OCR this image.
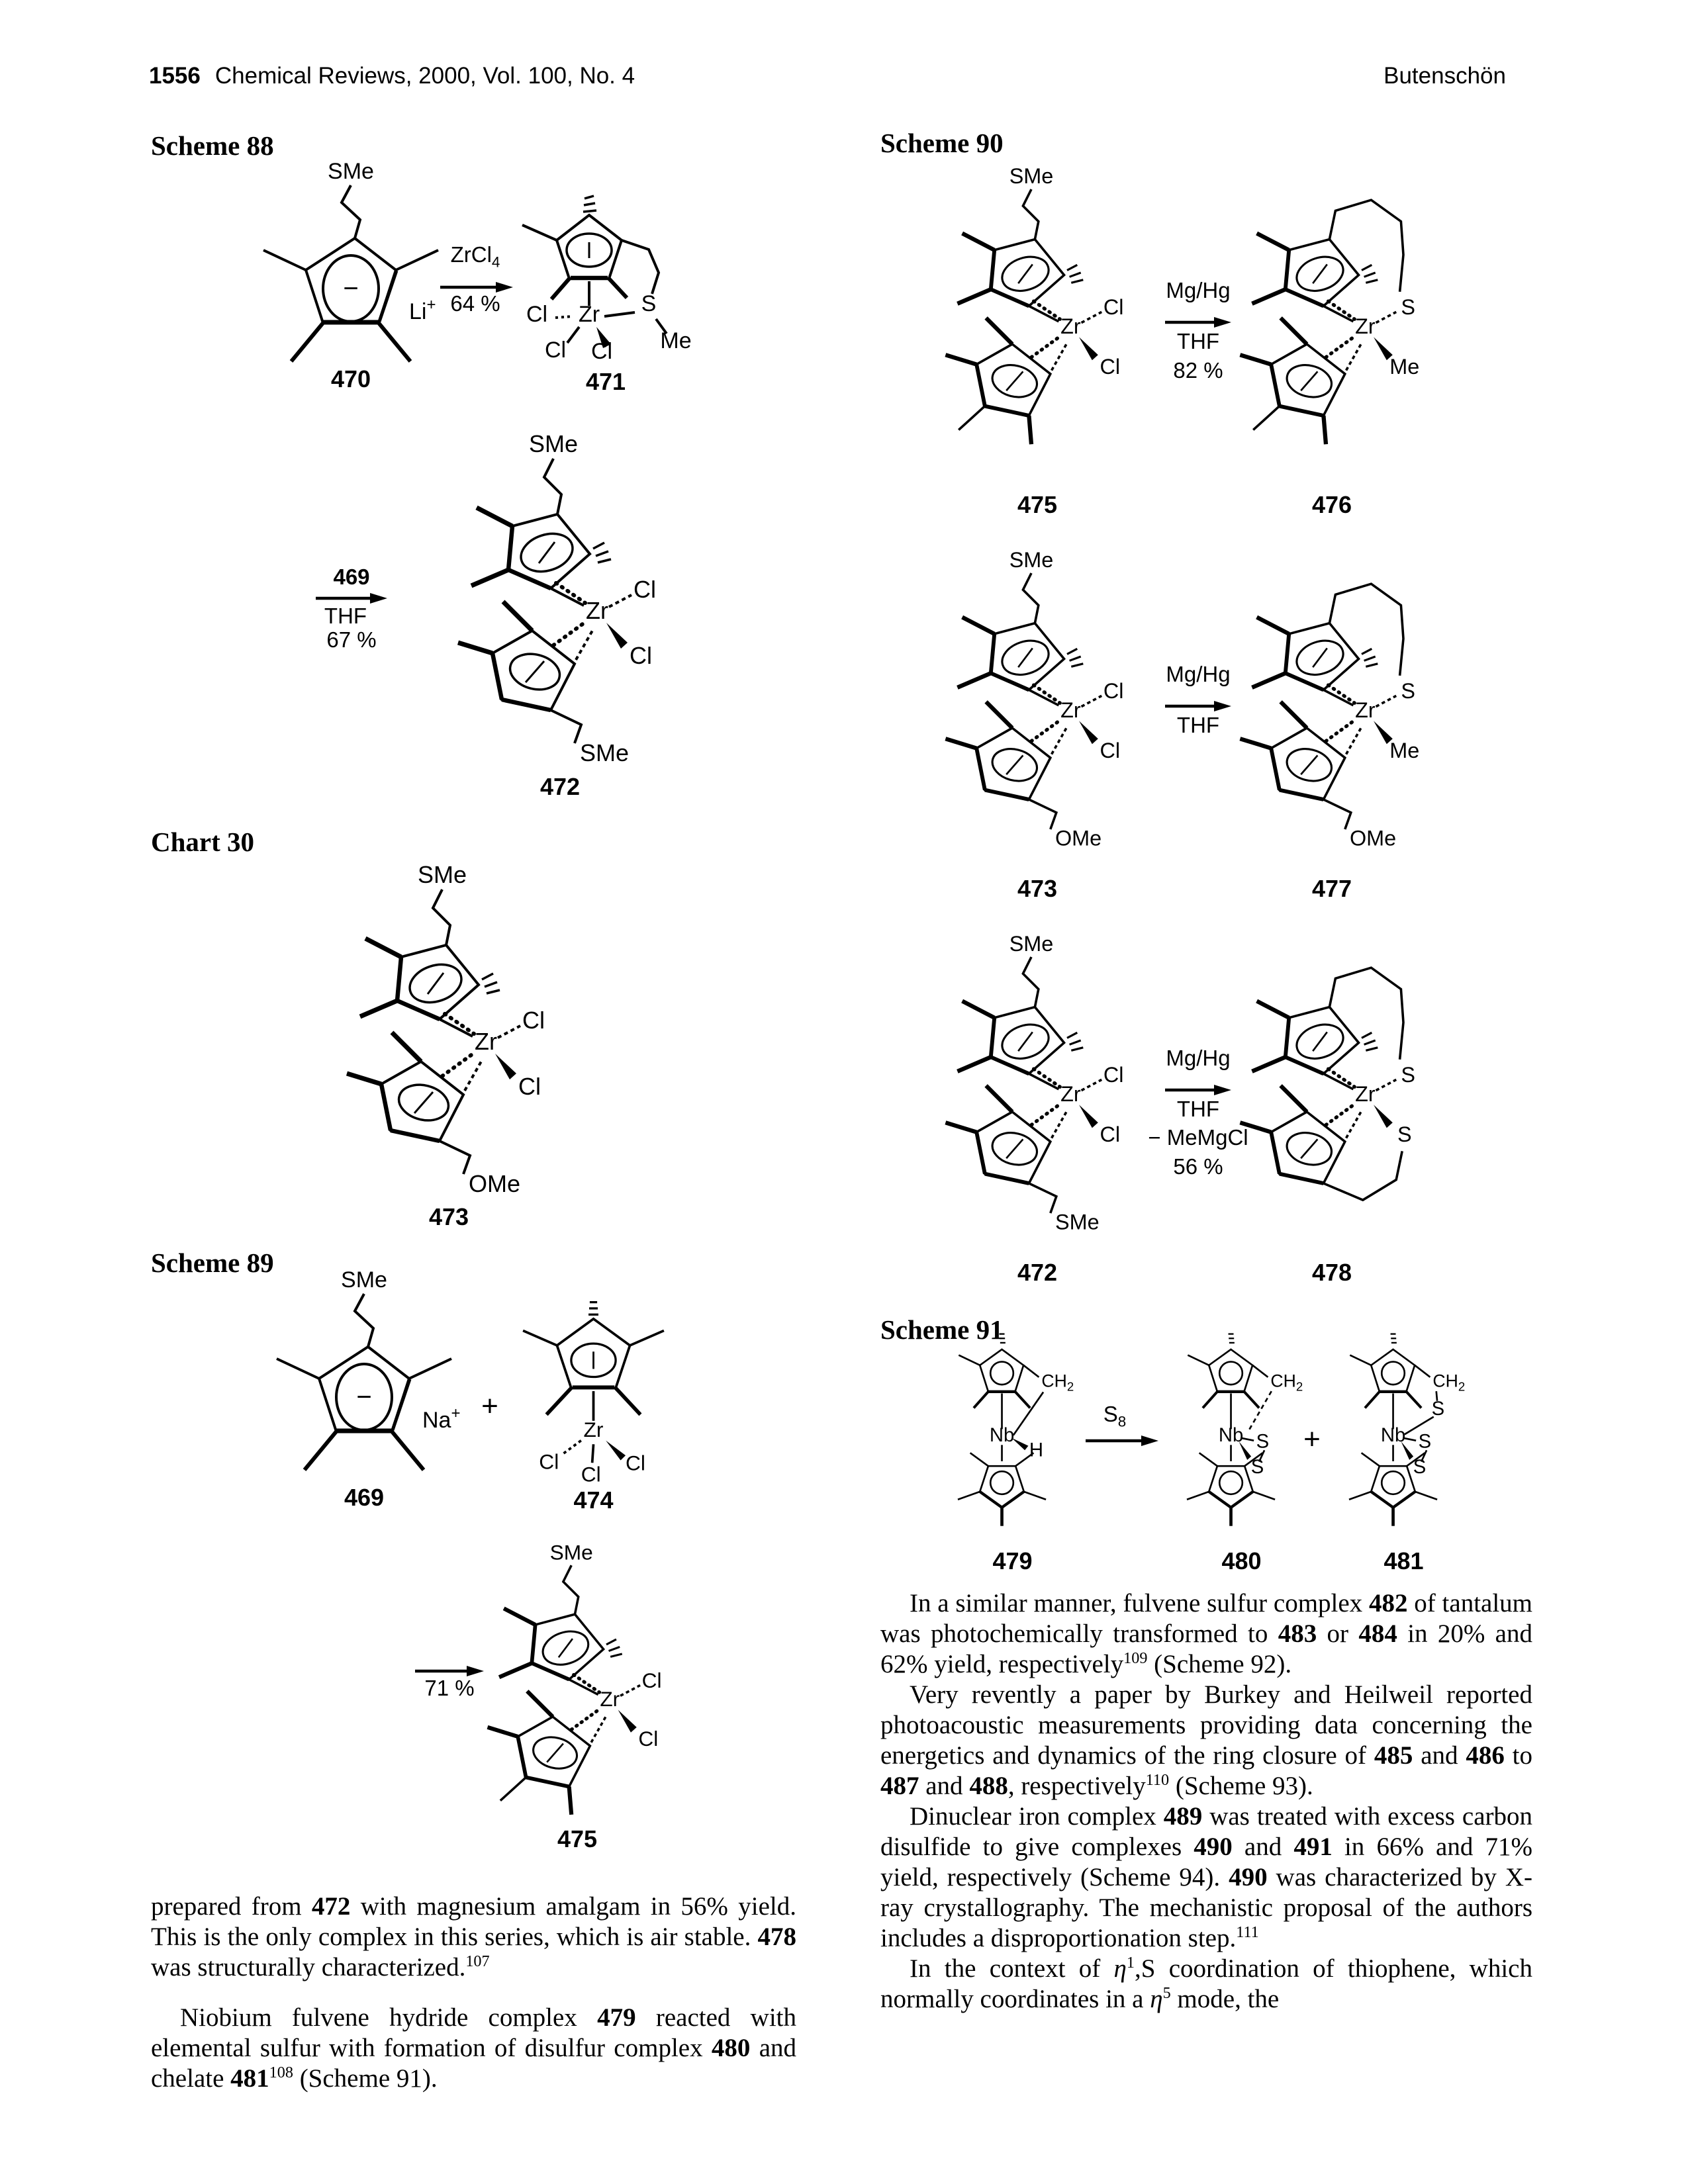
1556 Chemical Reviews, 2000, Vol. 100, No. 4	Butenschön
Scheme 88
SMe
−
Li+
470
ZrCl$_4$
64 %	Zr S
Cl
Cl Cl Me
471
469
THF
67 %
SMe
Zr
Cl
Cl
SMe
472
Chart 30
SMe
Zr
Cl
Cl
OMe
473
Scheme 89
SMe
−
Na+ +
Zr
Cl
Cl Cl
469	474
71 %
SMe
Zr
Cl
Cl
475

prepared from 472 with magnesium amalgam in 56% yield. This is the only complex in this series, which is air stable. 478 was structurally characterized.$^{107}$

Niobium fulvene hydride complex 479 reacted with elemental sulfur with formation of disulfur complex 480 and chelate $481^{108}$ (Scheme 91).

Scheme 90
SMe
Zr
Cl
Cl
Mg/Hg
THF
82 %
Zr
S
Me
475	476
SMe
Zr
Cl
Cl
OMe
Mg/Hg
THF
Zr
S
Me
OMe
473	477
SMe
Zr
Cl
Cl
SMe
Mg/Hg
THF
− MeMgCl
56 %
Zr
S
S
472	478
Scheme 91
$CH_2$
Nb
H
$S_8$
$CH_2$
Nb S
S
+
$CH_2$
S
Nb S
S
479	480	481

In a similar manner, fulvene sulfur complex 482 of tantalum was photochemically transformed to 483 or 484 in 20% and 62% yield, respectively$^{109}$ (Scheme 92).

Very revently a paper by Burkey and Heilweil reported photoacoustic measurements providing data concerning the energetics and dynamics of the ring closure of 485 and 486 to 487 and 488, respectively$^{110}$ (Scheme 93).

Dinuclear iron complex 489 was treated with excess carbon disulfide to give complexes 490 and 491 in 66% and 71% yield, respectively (Scheme 94). 490 was characterized by X-ray crystallography. The mechanistic proposal of the authors includes a disproportionation step.$^{111}$

In the context of $\eta^1,S$ coordination of thiophene, which normally coordinates in a $\eta^5$ mode, the
